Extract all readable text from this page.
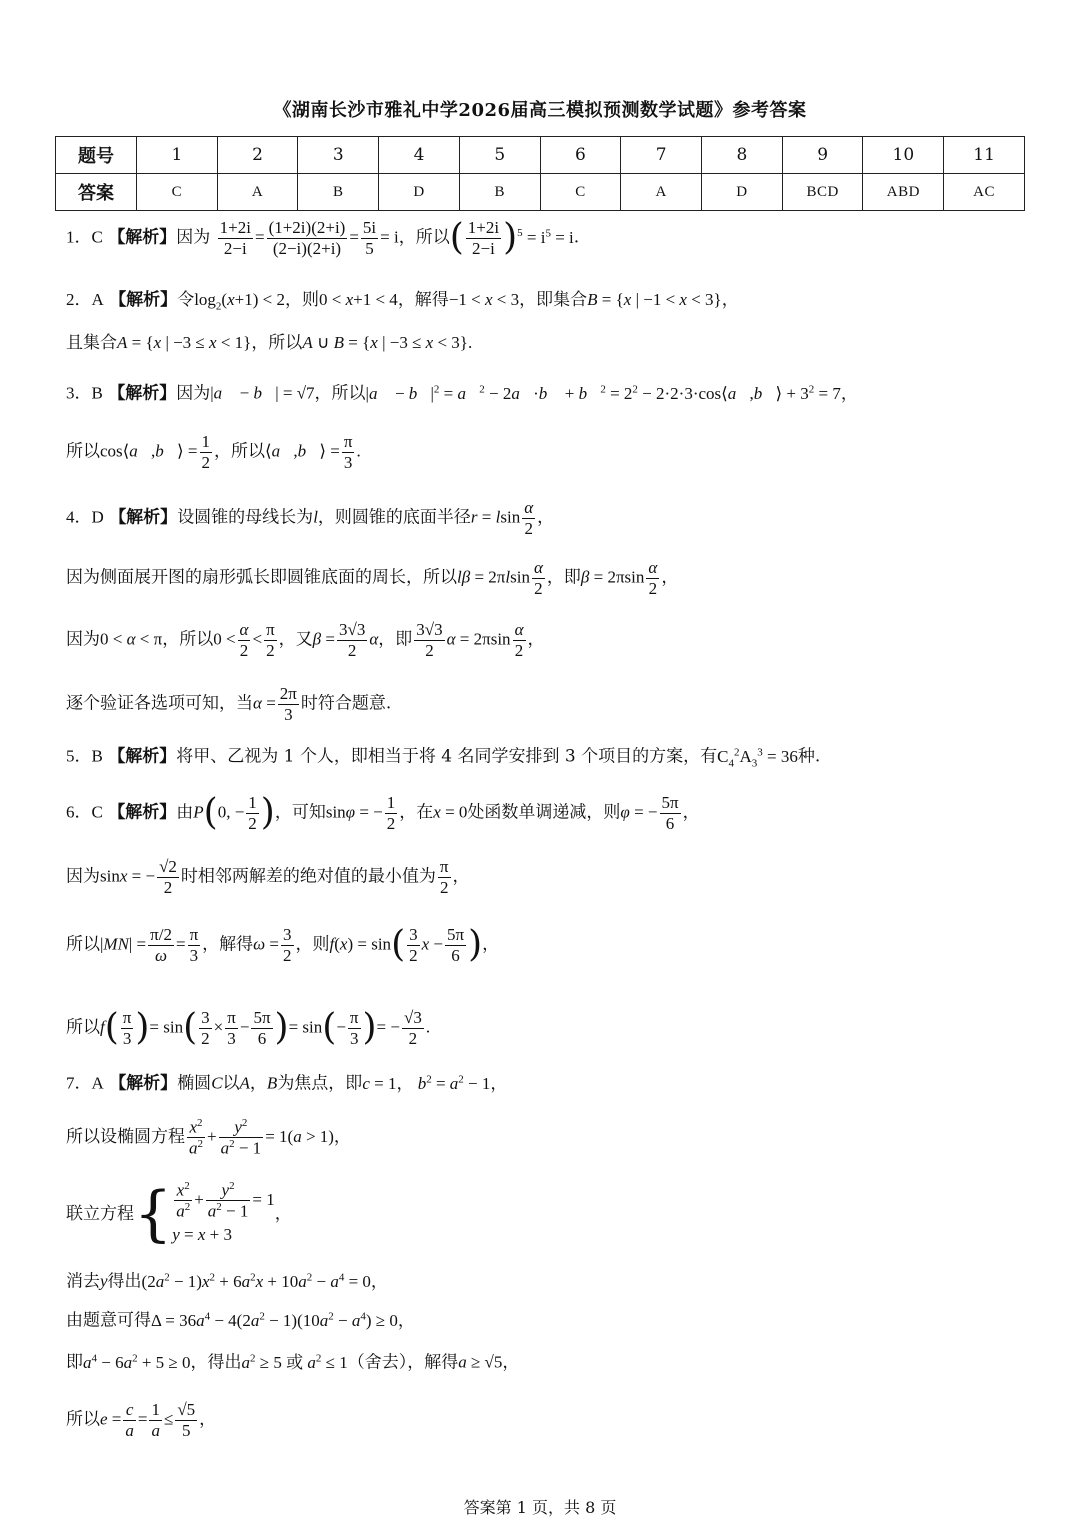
《湖南长沙市雅礼中学2026届高三模拟预测数学试题》参考答案
题号	1	2	3	4	5	6	7	8	9	10	11
答案	C	A	B	D	B	C	A	D	BCD	ABD	AC
1．C 【解析】因为 $\frac{1+2i}{2-i} = \frac{(1+2i)(2+i)}{(2-i)(2+i)} = \frac{5i}{5} = i$，所以( $\frac{1+2i}{2-i} )^5 = i^5 = i$.
2．A 【解析】令$\log_2(x+1) < 2$，则0 < x+1 < 4，解得−1 < x < 3，即集合B = {x | −1 < x < 3}，
且集合A = {x | −3 ≤ x < 1}，所以A ∪ B = {x | −3 ≤ x < 3}.
3．B 【解析】因为|a⃗ − b⃗| = √7，所以|a⃗ − $b⃗|^2$ = a⃗$^2$ − 2a⃗·b⃗ + b⃗$^2$ = $2^2$ − 2·2·3·cos⟨a⃗,b⃗⟩ + $3^2 = 7$，
所以cos⟨a⃗,b⃗⟩ = $\frac{1}{2}$ ，所以⟨a⃗,b⃗⟩ = $\frac{\pi}{3}$ .
4．D 【解析】设圆锥的母线长为l，则圆锥的底面半径r = lsin $\frac{\alpha}{2}$ ，
因为侧面展开图的扇形弧长即圆锥底面的周长，所以$l\beta = 2\pi lsin \frac{\alpha}{2}$ ，即$\beta = 2\pi\sin \frac{\alpha}{2}$ ，
因为0 < α < π，所以$0 < \frac{\alpha}{2} < \frac{\pi}{2}$ ，又$\beta = \frac{3√3}{2}$ α，即 $\frac{3√3}{2}$ $\alpha = 2\pi\sin \frac{\alpha}{2}$ ，
逐个验证各选项可知，当$\alpha = \frac{2\pi}{3}$ 时符合题意.
5．B 【解析】将甲、乙视为 1 个人，即相当于将 4 名同学安排到 3 个项目的方案，有$C_4^2A_3^3 = 36$种.
6．C 【解析】由P(0, − $\frac{1}{2}$ )，可知sinφ = − $\frac{1}{2}$ ，在x = 0处函数单调递减，则φ = − $\frac{5\pi}{6}$ ，
因为sinx = − $\frac{√2}{2}$ 时相邻两解差的绝对值的最小值为 $\frac{\pi}{2}$ ，
所以$|MN| = \frac{\pi/2}{\omega} = \frac{\pi}{3}$ ，解得$\omega = \frac{3}{2}$ ，则$f(x) = \sin( \frac{3}{2}$ $x - \frac{5\pi}{6}$ )，
所以$f( \frac{\pi}{3}$ )= $\sin( \frac{3}{2} \times \frac{\pi}{3} - \frac{5\pi}{6}$ )= $\sin(- \frac{\pi}{3}$ )= − $\frac{√3}{2}$ .
7．A 【解析】椭圆C以A，B为焦点，即c = 1， $b^2 = a^2 - 1$，
所以设椭圆方程 $\frac{x^2}{a^2} + \frac{y^2}{a^2 - 1} = 1(a > 1)$，
联立方程{ $\frac{x^2}{a^2} + \frac{y^2}{a^2 - 1} = 1$
y = x + 3
，
消去y得出$(2a^2 - 1)x^2 + 6a^2x + 10a^2 - a^4 = 0$，
由题意可得$\Delta = 36a^4 - 4(2a^2 - 1)(10a^2 - a^4) \ge 0$，
即$a^4 - 6a^2 + 5 \ge 0$，得出$a^2 \ge 5$ 或 $a^2 \le 1$（舍去），解得a ≥ √5，
所以$e = \frac{c}{a} = \frac{1}{a} \le \frac{√5}{5}$ ，
答案第 1 页，共 8 页
